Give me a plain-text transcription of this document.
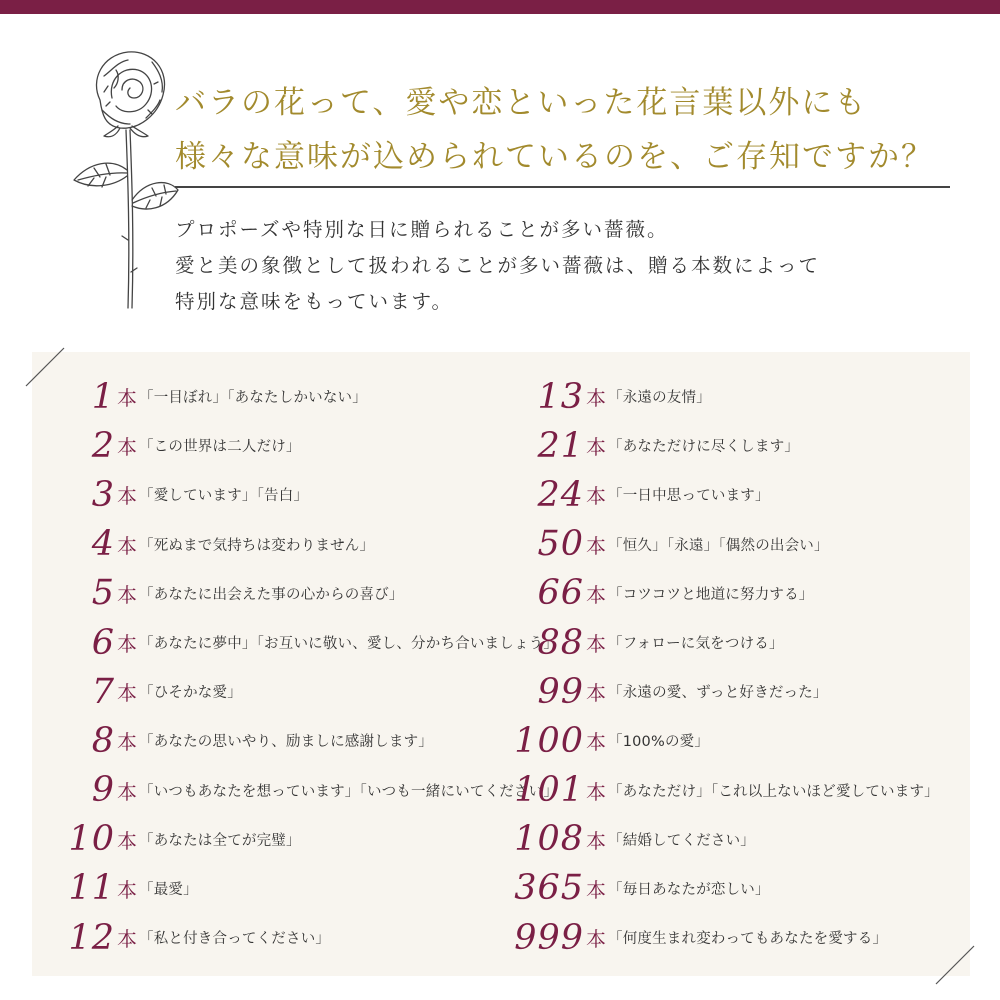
バラの花って、愛や恋といった花言葉以外にも
様々な意味が込められているのを、ご存知ですか？
プロポーズや特別な日に贈られることが多い薔薇。
愛と美の象徴として扱われることが多い薔薇は、贈る本数によって
特別な意味をもっています。
1 本 「一目ぼれ」「あなたしかいない」
2 本 「この世界は二人だけ」
3 本 「愛しています」「告白」
4 本 「死ぬまで気持ちは変わりません」
5 本 「あなたに出会えた事の心からの喜び」
6 本 「あなたに夢中」「お互いに敬い、愛し、分かち合いましょう」
7 本 「ひそかな愛」
8 本 「あなたの思いやり、励ましに感謝します」
9 本 「いつもあなたを想っています」「いつも一緒にいてください」
10 本 「あなたは全てが完璧」
11 本 「最愛」
12 本 「私と付き合ってください」
13 本 「永遠の友情」
21 本 「あなただけに尽くします」
24 本 「一日中思っています」
50 本 「恒久」「永遠」「偶然の出会い」
66 本 「コツコツと地道に努力する」
88 本 「フォローに気をつける」
99 本 「永遠の愛、ずっと好きだった」
100 本 「100%の愛」
101 本 「あなただけ」「これ以上ないほど愛しています」
108 本 「結婚してください」
365 本 「毎日あなたが恋しい」
999 本 「何度生まれ変わってもあなたを愛する」
